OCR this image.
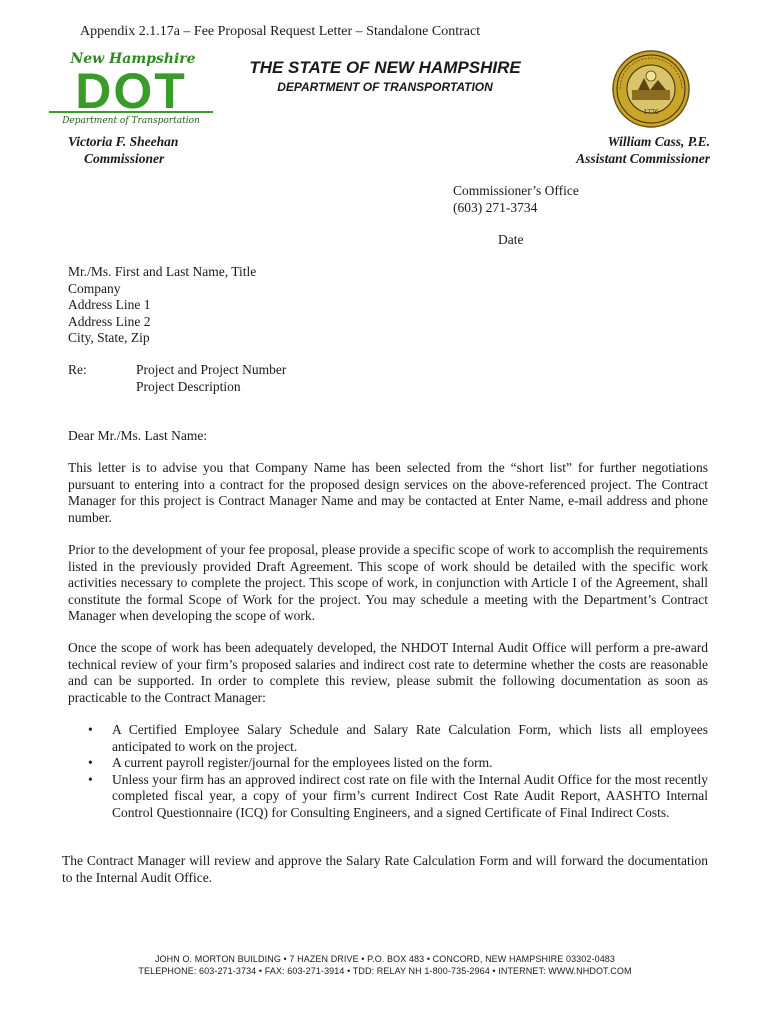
Appendix 2.1.17a – Fee Proposal Request Letter – Standalone Contract
New Hampshire
DOT
Department of Transportation
THE STATE OF NEW HAMPSHIRE
DEPARTMENT OF TRANSPORTATION
1776
Victoria F. Sheehan
Commissioner
William Cass, P.E.
Assistant Commissioner
Commissioner’s Office
(603) 271-3734
Date
Mr./Ms. First and Last Name, Title
Company
Address Line 1
Address Line 2
City, State, Zip
Re:	Project and Project Number
Project Description
Dear Mr./Ms. Last Name:
This letter is to advise you that Company Name has been selected from the “short list” for further negotiations pursuant to entering into a contract for the proposed design services on the above-referenced project. The Contract Manager for this project is Contract Manager Name and may be contacted at Enter Name, e-mail address and phone number.
Prior to the development of your fee proposal, please provide a specific scope of work to accomplish the requirements listed in the previously provided Draft Agreement. This scope of work should be detailed with the specific work activities necessary to complete the project. This scope of work, in conjunction with Article I of the Agreement, shall constitute the formal Scope of Work for the project. You may schedule a meeting with the Department’s Contract Manager when developing the scope of work.
Once the scope of work has been adequately developed, the NHDOT Internal Audit Office will perform a pre-award technical review of your firm’s proposed salaries and indirect cost rate to determine whether the costs are reasonable and can be supported. In order to complete this review, please submit the following documentation as soon as practicable to the Contract Manager:
• A Certified Employee Salary Schedule and Salary Rate Calculation Form, which lists all employees anticipated to work on the project.
• A current payroll register/journal for the employees listed on the form.
• Unless your firm has an approved indirect cost rate on file with the Internal Audit Office for the most recently completed fiscal year, a copy of your firm’s current Indirect Cost Rate Audit Report, AASHTO Internal Control Questionnaire (ICQ) for Consulting Engineers, and a signed Certificate of Final Indirect Costs.
The Contract Manager will review and approve the Salary Rate Calculation Form and will forward the documentation to the Internal Audit Office.
JOHN O. MORTON BUILDING • 7 HAZEN DRIVE • P.O. BOX 483 • CONCORD, NEW HAMPSHIRE 03302-0483
TELEPHONE: 603-271-3734 • FAX: 603-271-3914 • TDD: RELAY NH 1-800-735-2964 • INTERNET: WWW.NHDOT.COM
